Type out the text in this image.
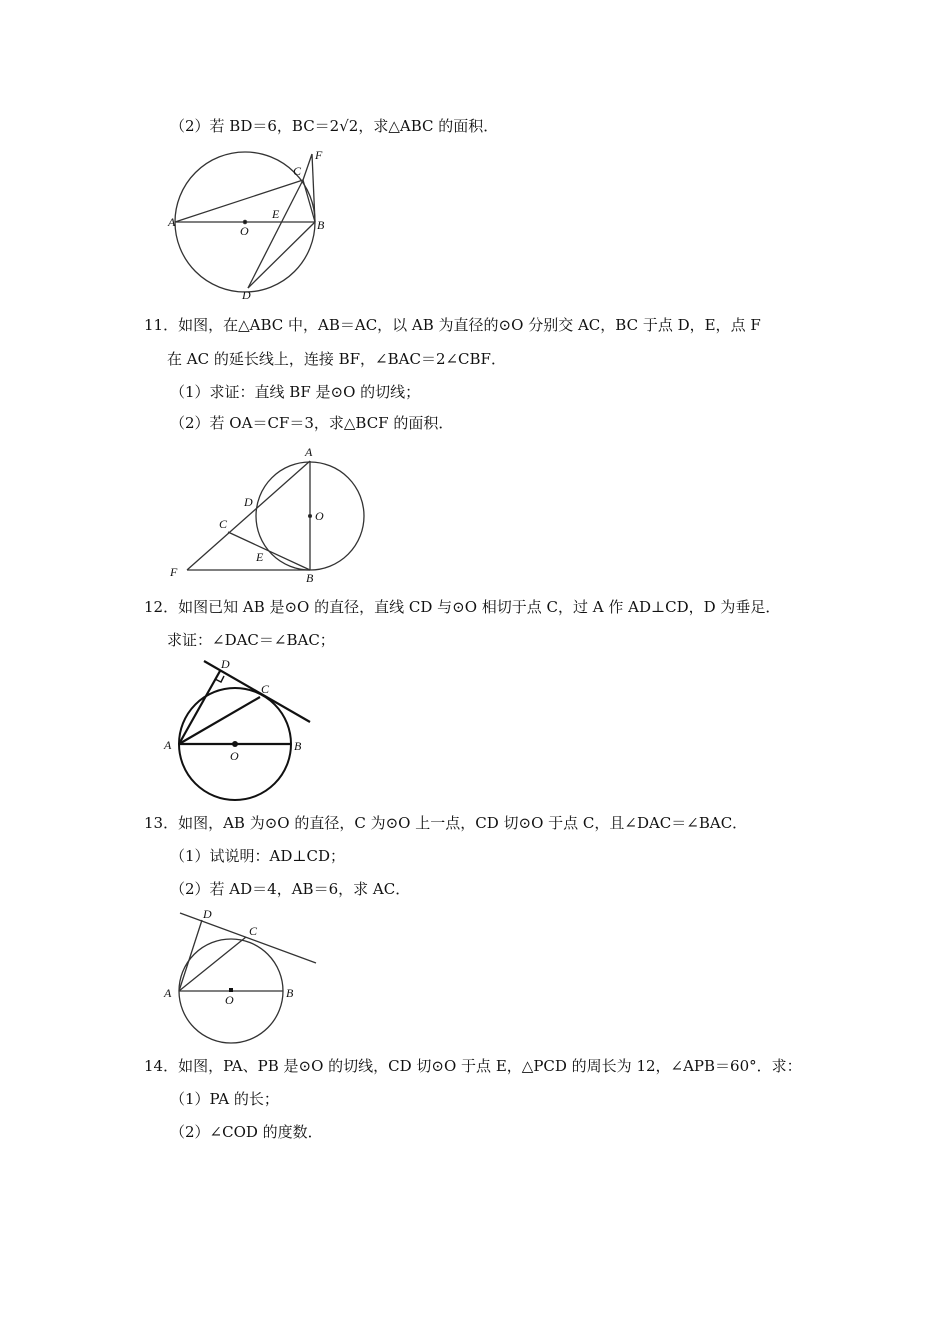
（2）若 BD＝6，BC＝2√2，求△ABC 的面积．
A	B
C
D
E
F
O
11．如图，在△ABC 中，AB＝AC，以 AB 为直径的⊙O 分别交 AC，BC 于点 D，E，点 F
在 AC 的延长线上，连接 BF，∠BAC＝2∠CBF．
（1）求证：直线 BF 是⊙O 的切线；
（2）若 OA＝CF＝3，求△BCF 的面积．
A
B
C
D
E
F
O
12．如图已知 AB 是⊙O 的直径，直线 CD 与⊙O 相切于点 C，过 A 作 AD⊥CD，D 为垂足．
求证：∠DAC＝∠BAC；
A	B
C
D
O
13．如图，AB 为⊙O 的直径，C 为⊙O 上一点，CD 切⊙O 于点 C，且∠DAC＝∠BAC．
（1）试说明：AD⊥CD；
（2）若 AD＝4，AB＝6，求 AC．
A	B
C
D
O
14．如图，PA、PB 是⊙O 的切线，CD 切⊙O 于点 E，△PCD 的周长为 12，∠APB＝60°．求：
（1）PA 的长；
（2）∠COD 的度数．
